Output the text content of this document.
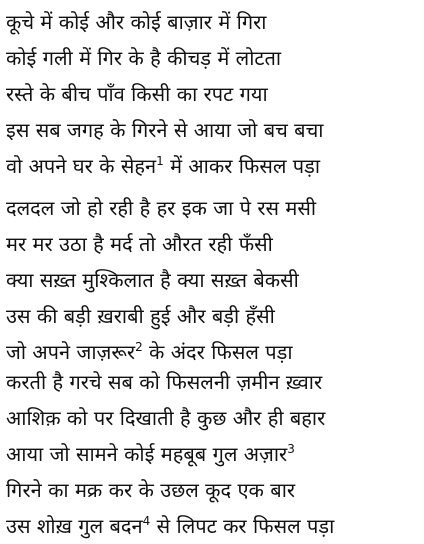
कूचे में कोई और कोई बाज़ार में गिरा
कोई गली में गिर के है कीचड़ में लोटता
रस्ते के बीच पाँव किसी का रपट गया
इस सब जगह के गिरने से आया जो बच बचा
वो अपने घर के सेहन$^1$ में आकर फिसल पड़ा
दलदल जो हो रही है हर इक जा पे रस मसी
मर मर उठा है मर्द तो औरत रही फँसी
क्या सख़्त मुश्किलात है क्या सख़्त बेकसी
उस की बड़ी ख़राबी हुई और बड़ी हँसी
जो अपने जाज़रूर$^2$ के अंदर फिसल पड़ा
करती है गरचे सब को फिसलनी ज़मीन ख़्वार
आशिक़ को पर दिखाती है कुछ और ही बहार
आया जो सामने कोई महबूब गुल अज़ार$^3$
गिरने का मक्र कर के उछल कूद एक बार
उस शोख़ गुल बदन$^4$ से लिपट कर फिसल पड़ा
